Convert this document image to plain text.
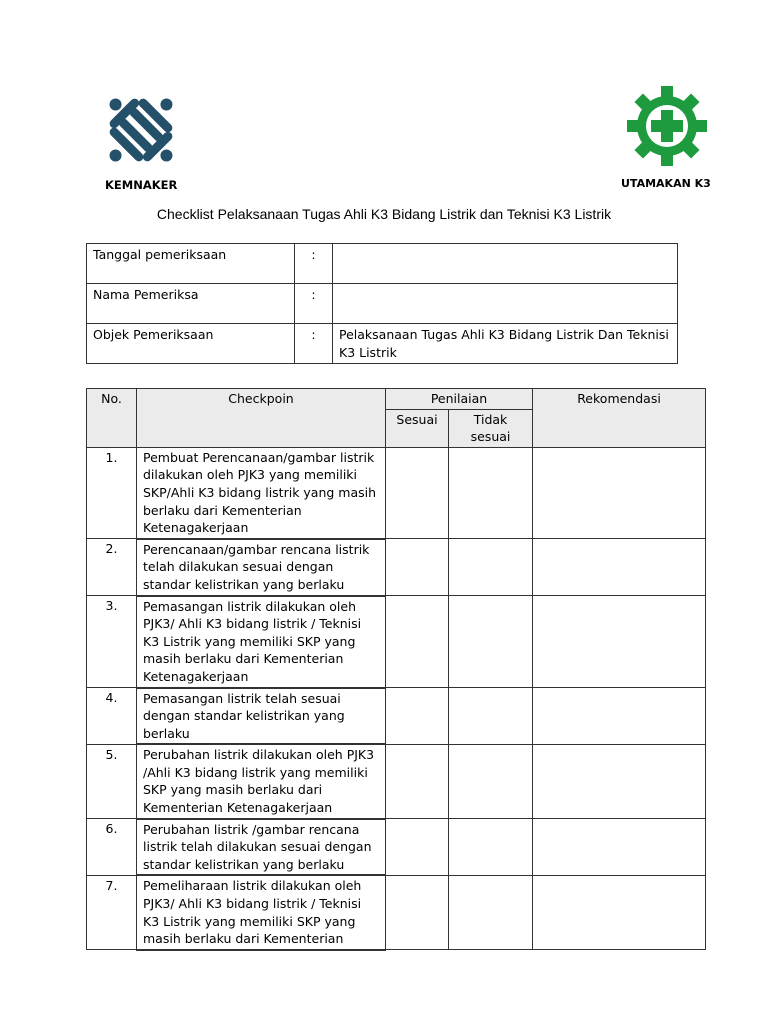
KEMNAKER	UTAMAKAN K3
Checklist Pelaksanaan Tugas Ahli K3 Bidang Listrik dan Teknisi K3 Listrik
Tanggal pemeriksaan	:	
Nama Pemeriksa	:	
Objek Pemeriksaan	:	Pelaksanaan Tugas Ahli K3 Bidang Listrik Dan Teknisi K3 Listrik
No.	Checkpoin	Penilaian		Rekomendasi
		Sesuai	Tidak sesuai	
1.	Pembuat Perencanaan/gambar listrik dilakukan oleh PJK3 yang memiliki SKP/Ahli K3 bidang listrik yang masih berlaku dari Kementerian Ketenagakerjaan			
2.	Perencanaan/gambar rencana listrik telah dilakukan sesuai dengan standar kelistrikan yang berlaku			
3.	Pemasangan listrik dilakukan oleh PJK3/ Ahli K3 bidang listrik / Teknisi K3 Listrik yang memiliki SKP yang masih berlaku dari Kementerian Ketenagakerjaan			
4.	Pemasangan listrik telah sesuai dengan standar kelistrikan yang berlaku			
5.	Perubahan listrik dilakukan oleh PJK3 /Ahli K3 bidang listrik yang memiliki SKP yang masih berlaku dari Kementerian Ketenagakerjaan			
6.	Perubahan listrik /gambar rencana listrik telah dilakukan sesuai dengan standar kelistrikan yang berlaku			
7.	Pemeliharaan listrik dilakukan oleh PJK3/ Ahli K3 bidang listrik / Teknisi K3 Listrik yang memiliki SKP yang masih berlaku dari Kementerian			
